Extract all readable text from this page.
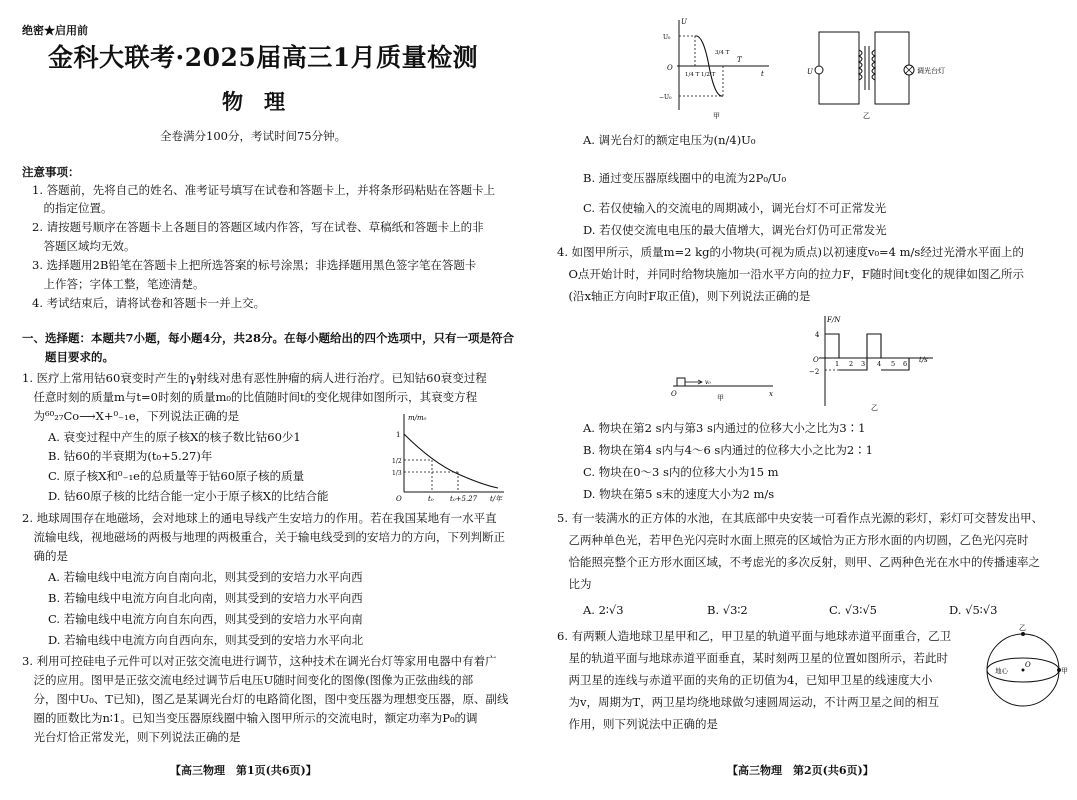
绝密★启用前
金科大联考·2025届高三1月质量检测
物　理
全卷满分100分，考试时间75分钟。
注意事项：
1. 答题前，先将自己的姓名、准考证号填写在试卷和答题卡上，并将条形码粘贴在答题卡上
　的指定位置。
2. 请按题号顺序在答题卡上各题目的答题区域内作答，写在试卷、草稿纸和答题卡上的非
　答题区域均无效。
3. 选择题用2B铅笔在答题卡上把所选答案的标号涂黑；非选择题用黑色签字笔在答题卡
　上作答；字体工整，笔迹清楚。
4. 考试结束后，请将试卷和答题卡一并上交。
一、选择题：本题共7小题，每小题4分，共28分。在每小题给出的四个选项中，只有一项是符合
　　题目要求的。
1. 医疗上常用钴60衰变时产生的γ射线对患有恶性肿瘤的病人进行治疗。已知钴60衰变过程
　任意时刻的质量m与t=0时刻的质量m₀的比值随时间t的变化规律如图所示，其衰变方程
　为⁶⁰₂₇Co⟶X+⁰₋₁e，下列说法正确的是
A. 衰变过程中产生的原子核X的核子数比钴60少1
B. 钴60的半衰期为(t₀+5.27)年
C. 原子核X和⁰₋₁e的总质量等于钴60原子核的质量
D. 钴60原子核的比结合能一定小于原子核X的比结合能
m/m₀
1
1/2
1/3
O	t₀ t₀+5.27 t/年
2. 地球周围存在地磁场，会对地球上的通电导线产生安培力的作用。若在我国某地有一水平直
　流输电线，视地磁场的两极与地理的两极重合，关于输电线受到的安培力的方向，下列判断正
　确的是
A. 若输电线中电流方向自南向北，则其受到的安培力水平向西
B. 若输电线中电流方向自北向南，则其受到的安培力水平向西
C. 若输电线中电流方向自东向西，则其受到的安培力水平向南
D. 若输电线中电流方向自西向东，则其受到的安培力水平向北
3. 利用可控硅电子元件可以对正弦交流电进行调节，这种技术在调光台灯等家用电器中有着广
　泛的应用。图甲是正弦交流电经过调节后电压U随时间变化的图像(图像为正弦曲线的部
　分，图中U₀、T已知)，图乙是某调光台灯的电路简化图，图中变压器为理想变压器，原、副线
　圈的匝数比为n∶1。已知当变压器原线圈中输入图甲所示的交流电时，额定功率为P₀的调
　光台灯恰正常发光，则下列说法正确的是
【高三物理　第1页(共6页)】
U
U₀
O
−U₀
1/4 T 1/2 T
3/4 T
T
t
甲
U	调光台灯
乙
A. 调光台灯的额定电压为(n/4)U₀
B. 通过变压器原线圈中的电流为2P₀/U₀
C. 若仅使输入的交流电的周期减小，调光台灯不可正常发光
D. 若仅使交流电电压的最大值增大，调光台灯仍可正常发光
4. 如图甲所示，质量m=2 kg的小物块(可视为质点)以初速度v₀=4 m/s经过光滑水平面上的
　O点开始计时，并同时给物块施加一沿水平方向的拉力F，F随时间t变化的规律如图乙所示
　(沿x轴正方向时F取正值)，则下列说法正确的是
v₀
O	x
甲
F/N
4
O
−2
1 2 3 4 5 6 t/s
乙
A. 物块在第2 s内与第3 s内通过的位移大小之比为3∶1
B. 物块在第4 s内与4～6 s内通过的位移大小之比为2∶1
C. 物块在0～3 s内的位移大小为15 m
D. 物块在第5 s末的速度大小为2 m/s
5. 有一装满水的正方体的水池，在其底部中央安装一可看作点光源的彩灯，彩灯可交替发出甲、
　乙两种单色光，若甲色光闪亮时水面上照亮的区域恰为正方形水面的内切圆，乙色光闪亮时
　恰能照亮整个正方形水面区域，不考虑光的多次反射，则甲、乙两种色光在水中的传播速率之
　比为
A. 2∶√3	B. √3∶2	C. √3∶√5	D. √5∶√3
6. 有两颗人造地球卫星甲和乙，甲卫星的轨道平面与地球赤道平面重合，乙卫
　星的轨道平面与地球赤道平面垂直，某时刻两卫星的位置如图所示，若此时
　两卫星的连线与赤道平面的夹角的正切值为4，已知甲卫星的线速度大小
　为v，周期为T，两卫星均绕地球做匀速圆周运动，不计两卫星之间的相互
　作用，则下列说法中正确的是
乙
地心
O
甲
【高三物理　第2页(共6页)】
